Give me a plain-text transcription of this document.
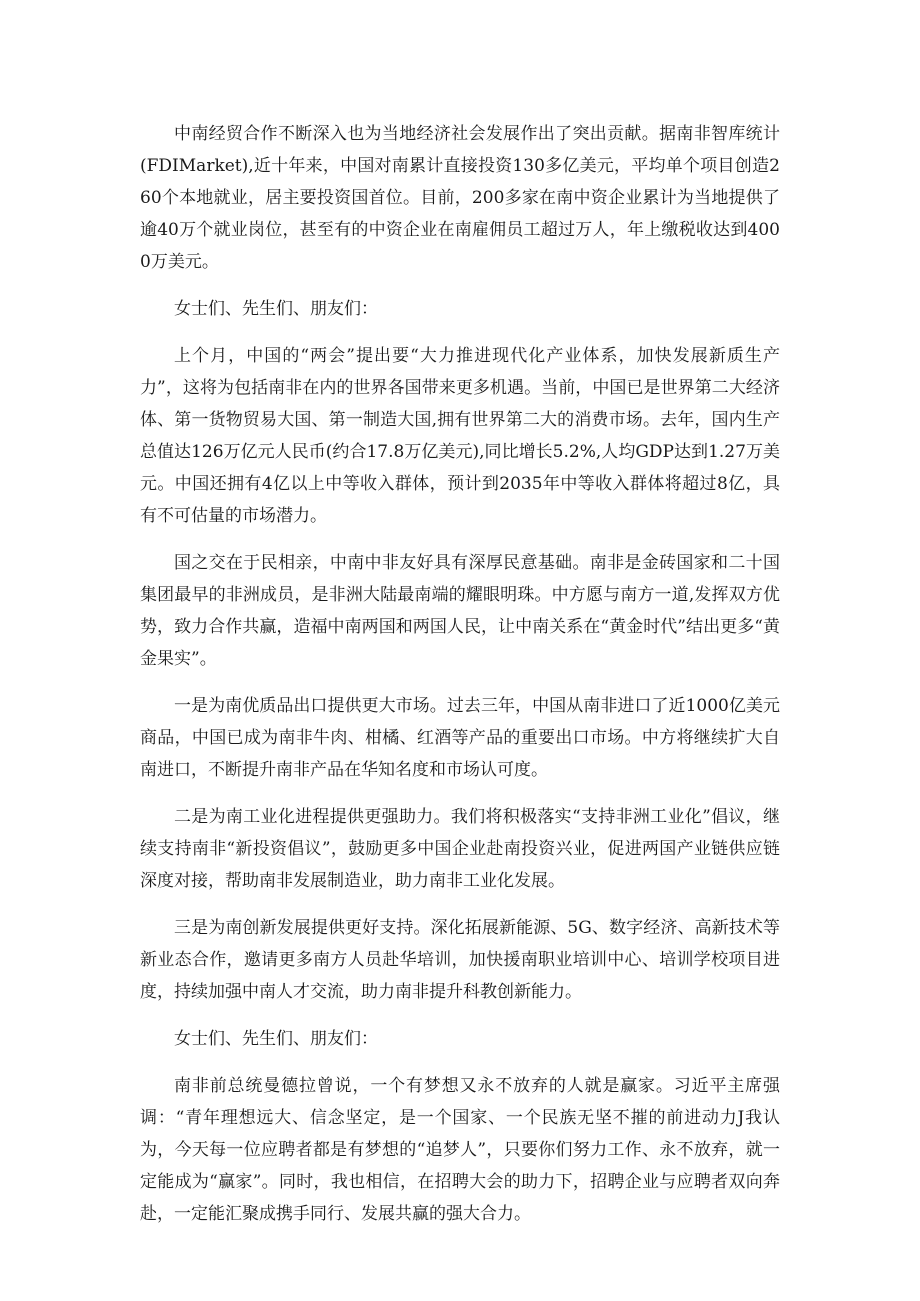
中南经贸合作不断深入也为当地经济社会发展作出了突出贡献。据南非智库统计(FDIMarket),近十年来，中国对南累计直接投资130多亿美元，平均单个项目创造260个本地就业，居主要投资国首位。目前，200多家在南中资企业累计为当地提供了逾40万个就业岗位，甚至有的中资企业在南雇佣员工超过万人，年上缴税收达到4000万美元。

女士们、先生们、朋友们：

上个月，中国的“两会”提出要“大力推进现代化产业体系，加快发展新质生产力”，这将为包括南非在内的世界各国带来更多机遇。当前，中国已是世界第二大经济体、第一货物贸易大国、第一制造大国,拥有世界第二大的消费市场。去年，国内生产总值达126万亿元人民币(约合17.8万亿美元),同比增长5.2%,人均GDP达到1.27万美元。中国还拥有4亿以上中等收入群体，预计到2035年中等收入群体将超过8亿，具有不可估量的市场潜力。

国之交在于民相亲，中南中非友好具有深厚民意基础。南非是金砖国家和二十国集团最早的非洲成员，是非洲大陆最南端的耀眼明珠。中方愿与南方一道,发挥双方优势，致力合作共赢，造福中南两国和两国人民，让中南关系在“黄金时代”结出更多“黄金果实”。

一是为南优质品出口提供更大市场。过去三年，中国从南非进口了近1000亿美元商品，中国已成为南非牛肉、柑橘、红酒等产品的重要出口市场。中方将继续扩大自南进口，不断提升南非产品在华知名度和市场认可度。

二是为南工业化进程提供更强助力。我们将积极落实“支持非洲工业化”倡议，继续支持南非“新投资倡议”，鼓励更多中国企业赴南投资兴业，促进两国产业链供应链深度对接，帮助南非发展制造业，助力南非工业化发展。

三是为南创新发展提供更好支持。深化拓展新能源、5G、数字经济、高新技术等新业态合作，邀请更多南方人员赴华培训，加快援南职业培训中心、培训学校项目进度，持续加强中南人才交流，助力南非提升科教创新能力。

女士们、先生们、朋友们：

南非前总统曼德拉曾说，一个有梦想又永不放弃的人就是赢家。习近平主席强调：“青年理想远大、信念坚定，是一个国家、一个民族无坚不摧的前进动力J我认为，今天每一位应聘者都是有梦想的“追梦人”，只要你们努力工作、永不放弃，就一定能成为“赢家”。同时，我也相信，在招聘大会的助力下，招聘企业与应聘者双向奔赴，一定能汇聚成携手同行、发展共赢的强大合力。
